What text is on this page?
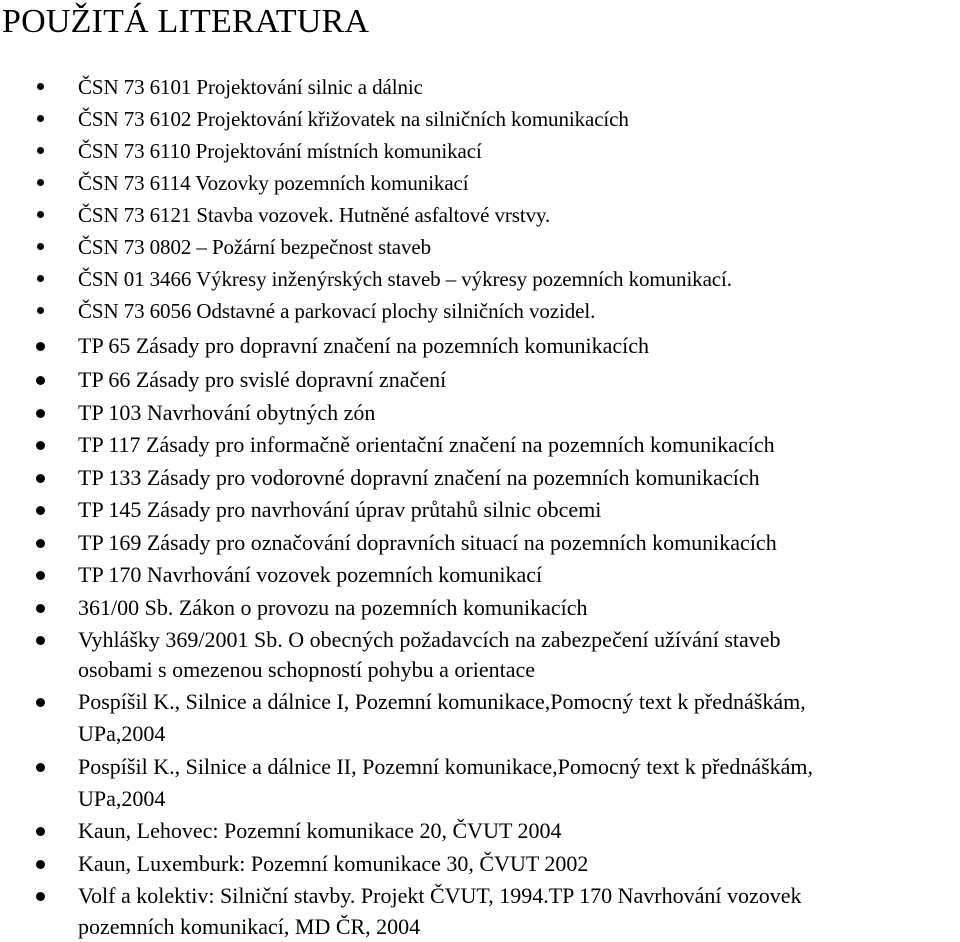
POUŽITÁ LITERATURA
ČSN 73 6101 Projektování silnic a dálnic
ČSN 73 6102 Projektování křižovatek na silničních komunikacích
ČSN 73 6110 Projektování místních komunikací
ČSN 73 6114 Vozovky pozemních komunikací
ČSN 73 6121 Stavba vozovek. Hutněné asfaltové vrstvy.
ČSN 73 0802 – Požární bezpečnost staveb
ČSN 01 3466 Výkresy inženýrských staveb – výkresy pozemních komunikací.
ČSN 73 6056 Odstavné a parkovací plochy silničních vozidel.
TP 65 Zásady pro dopravní značení na pozemních komunikacích
TP 66 Zásady pro svislé dopravní značení
TP 103 Navrhování obytných zón
TP 117 Zásady pro informačně orientační značení na pozemních komunikacích
TP 133 Zásady pro vodorovné dopravní značení na pozemních komunikacích
TP 145 Zásady pro navrhování úprav průtahů silnic obcemi
TP 169 Zásady pro označování dopravních situací na pozemních komunikacích
TP 170 Navrhování vozovek pozemních komunikací
361/00 Sb. Zákon o provozu na pozemních komunikacích
Vyhlášky 369/2001 Sb. O obecných požadavcích na zabezpečení užívání staveb
osobami s omezenou schopností pohybu a orientace
Pospíšil K., Silnice a dálnice I, Pozemní komunikace,Pomocný text k přednáškám,
UPa,2004
Pospíšil K., Silnice a dálnice II, Pozemní komunikace,Pomocný text k přednáškám,
UPa,2004
Kaun, Lehovec: Pozemní komunikace 20, ČVUT 2004
Kaun, Luxemburk: Pozemní komunikace 30, ČVUT 2002
Volf a kolektiv: Silniční stavby. Projekt ČVUT, 1994.TP 170 Navrhování vozovek
pozemních komunikací, MD ČR, 2004
